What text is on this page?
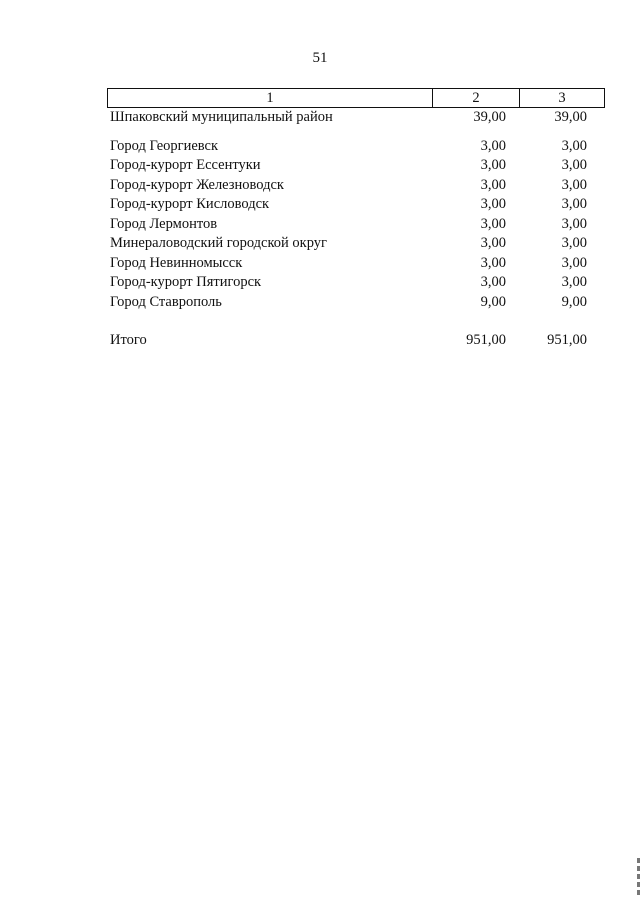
51
1	2	3
Шпаковский муниципальный район	39,00	39,00
Город Георгиевск	3,00	3,00
Город-курорт Ессентуки	3,00	3,00
Город-курорт Железноводск	3,00	3,00
Город-курорт Кисловодск	3,00	3,00
Город Лермонтов	3,00	3,00
Минераловодский городской округ	3,00	3,00
Город Невинномысск	3,00	3,00
Город-курорт Пятигорск	3,00	3,00
Город Ставрополь	9,00	9,00
Итого	951,00	951,00
